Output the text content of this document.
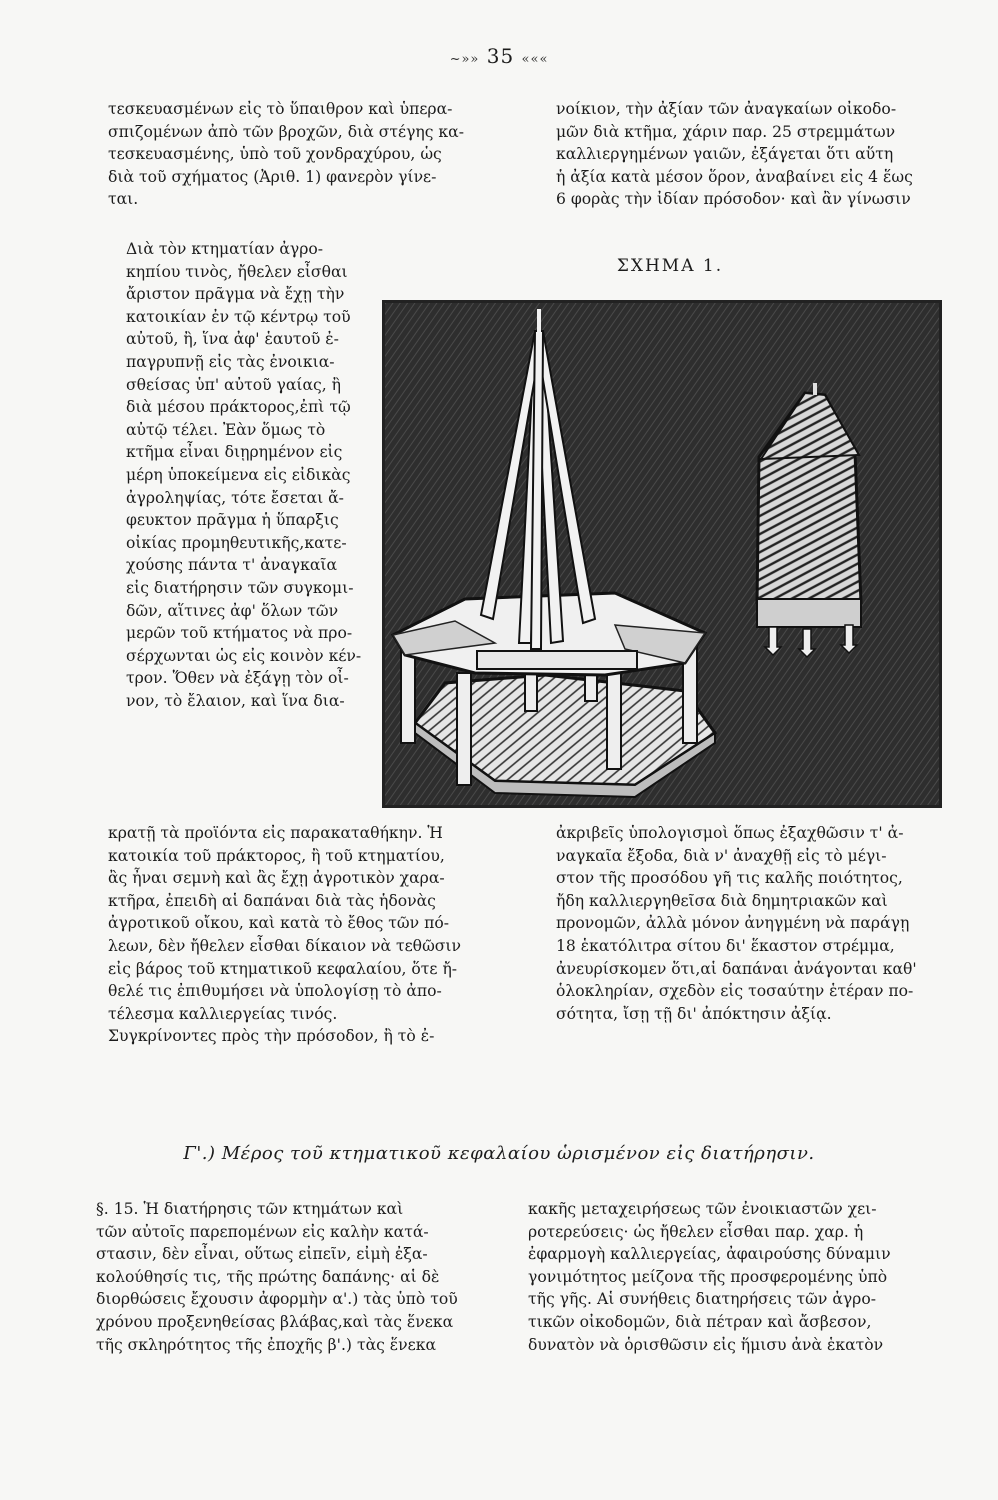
~»» 35 «««
τεσκευασμένων εἰς τὸ ὕπαιθρον καὶ ὑπερα-
σπιζομένων ἀπὸ τῶν βροχῶν, διὰ στέγης κα-
τεσκευασμένης, ὑπὸ τοῦ χονδραχύρου, ὡς
διὰ τοῦ σχήματος (Ἀριθ. 1) φανερὸν γίνε-
ται.
Διὰ τὸν κτηματίαν ἀγρο-
κηπίου τινὸς, ἤθελεν εἶσθαι
ἄριστον πρᾶγμα νὰ ἔχῃ τὴν
κατοικίαν ἐν τῷ κέντρῳ τοῦ
αὐτοῦ, ἢ, ἵνα ἀφ' ἑαυτοῦ ἐ-
παγρυπνῇ εἰς τὰς ἐνοικια-
σθείσας ὑπ' αὐτοῦ γαίας, ἢ
διὰ μέσου πράκτορος,ἐπὶ τῷ
αὐτῷ τέλει. Ἐὰν ὅμως τὸ
κτῆμα εἶναι διῃρημένον εἰς
μέρη ὑποκείμενα εἰς εἰδικὰς
ἀγροληψίας, τότε ἔσεται ἄ-
φευκτον πρᾶγμα ἡ ὕπαρξις
οἰκίας προμηθευτικῆς,κατε-
χούσης πάντα τ' ἀναγκαῖα
εἰς διατήρησιν τῶν συγκομι-
δῶν, αἵτινες ἀφ' ὅλων τῶν
μερῶν τοῦ κτήματος νὰ προ-
σέρχωνται ὡς εἰς κοινὸν κέν-
τρον. Ὅθεν νὰ ἐξάγῃ τὸν οἶ-
νον, τὸ ἔλαιον, καὶ ἵνα δια-
κρατῇ τὰ προϊόντα εἰς παρακαταθήκην. Ἡ
κατοικία τοῦ πράκτορος, ἢ τοῦ κτηματίου,
ἂς ἦναι σεμνὴ καὶ ἂς ἔχῃ ἀγροτικὸν χαρα-
κτῆρα, ἐπειδὴ αἱ δαπάναι διὰ τὰς ἡδονὰς
ἀγροτικοῦ οἴκου, καὶ κατὰ τὸ ἔθος τῶν πό-
λεων, δὲν ἤθελεν εἶσθαι δίκαιον νὰ τεθῶσιν
εἰς βάρος τοῦ κτηματικοῦ κεφαλαίου, ὅτε ἤ-
θελέ τις ἐπιθυμήσει νὰ ὑπολογίσῃ τὸ ἀπο-
τέλεσμα καλλιεργείας τινός.
Συγκρίνοντες πρὸς τὴν πρόσοδον, ἢ τὸ ἐ-
νοίκιον, τὴν ἀξίαν τῶν ἀναγκαίων οἰκοδο-
μῶν διὰ κτῆμα, χάριν παρ. 25 στρεμμάτων
καλλιεργημένων γαιῶν, ἐξάγεται ὅτι αὕτη
ἡ ἀξία κατὰ μέσον ὅρον, ἀναβαίνει εἰς 4 ἕως
6 φορὰς τὴν ἰδίαν πρόσοδον· καὶ ἂν γίνωσιν
ΣΧΗΜΑ 1.
ἀκριβεῖς ὑπολογισμοὶ ὅπως ἐξαχθῶσιν τ' ἀ-
ναγκαῖα ἔξοδα, διὰ ν' ἀναχθῇ εἰς τὸ μέγι-
στον τῆς προσόδου γῆ τις καλῆς ποιότητος,
ἤδη καλλιεργηθεῖσα διὰ δημητριακῶν καὶ
προνομῶν, ἀλλὰ μόνον ἀνηγμένη νὰ παράγῃ
18 ἑκατόλιτρα σίτου δι' ἕκαστον στρέμμα,
ἀνευρίσκομεν ὅτι,αἱ δαπάναι ἀνάγονται καθ'
ὁλοκληρίαν, σχεδὸν εἰς τοσαύτην ἑτέραν πο-
σότητα, ἴσῃ τῇ δι' ἀπόκτησιν ἀξίᾳ.
Γ'.) Μέρος τοῦ κτηματικοῦ κεφαλαίου ὡρισμένον εἰς διατήρησιν.
§. 15. Ἡ διατήρησις τῶν κτημάτων καὶ
τῶν αὐτοῖς παρεπομένων εἰς καλὴν κατά-
στασιν, δὲν εἶναι, οὕτως εἰπεῖν, εἰμὴ ἐξα-
κολούθησίς τις, τῆς πρώτης δαπάνης· αἱ δὲ
διορθώσεις ἔχουσιν ἀφορμὴν α'.) τὰς ὑπὸ τοῦ
χρόνου προξενηθείσας βλάβας,καὶ τὰς ἕνεκα
τῆς σκληρότητος τῆς ἐποχῆς β'.) τὰς ἕνεκα
κακῆς μεταχειρήσεως τῶν ἐνοικιαστῶν χει-
ροτερεύσεις· ὡς ἤθελεν εἶσθαι παρ. χαρ. ἡ
ἐφαρμογὴ καλλιεργείας, ἀφαιρούσης δύναμιν
γονιμότητος μείζονα τῆς προσφερομένης ὑπὸ
τῆς γῆς. Αἱ συνήθεις διατηρήσεις τῶν ἀγρο-
τικῶν οἰκοδομῶν, διὰ πέτραν καὶ ἄσβεσον,
δυνατὸν νὰ ὁρισθῶσιν εἰς ἥμισυ ἀνὰ ἑκατὸν
